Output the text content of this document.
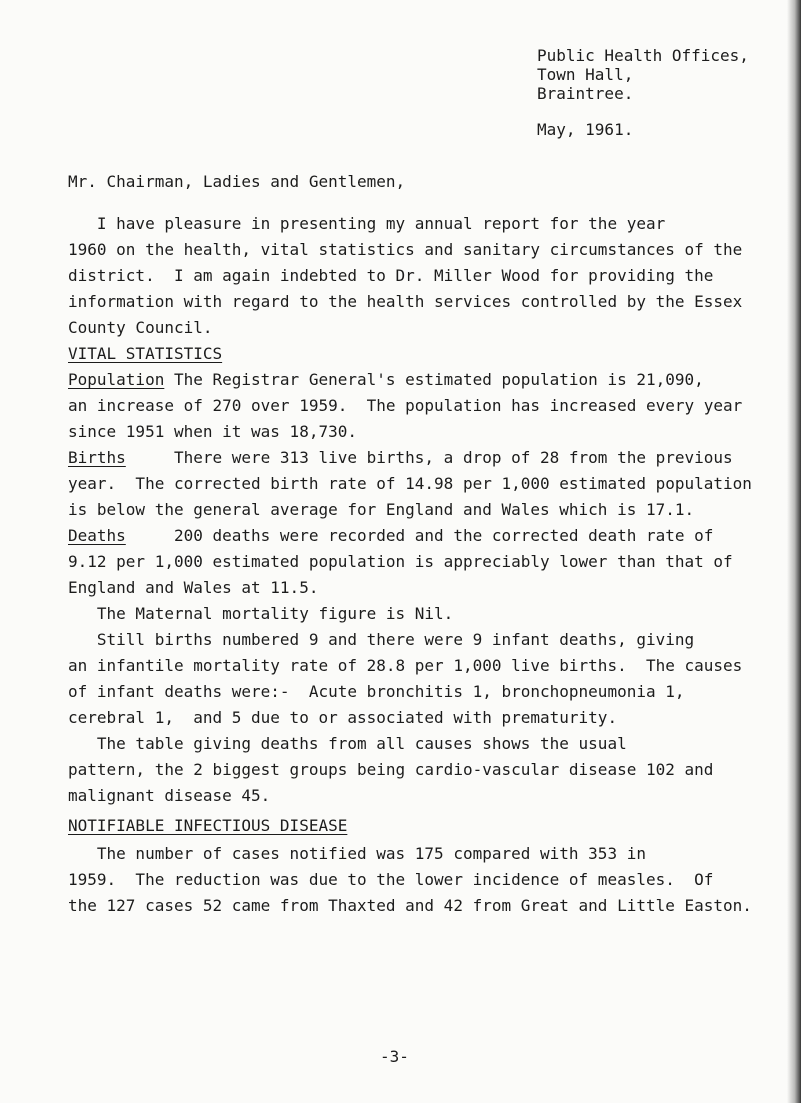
Public Health Offices,
Town Hall,
Braintree.
May, 1961.

Mr. Chairman, Ladies and Gentlemen,

I have pleasure in presenting my annual report for the year

1960 on the health, vital statistics and sanitary circumstances of the

district.  I am again indebted to Dr. Miller Wood for providing the

information with regard to the health services controlled by the Essex

County Council.

VITAL STATISTICS

Population The Registrar General's estimated population is 21,090,

an increase of 270 over 1959.  The population has increased every year

since 1951 when it was 18,730.

Births     There were 313 live births, a drop of 28 from the previous

year.  The corrected birth rate of 14.98 per 1,000 estimated population

is below the general average for England and Wales which is 17.1.

Deaths     200 deaths were recorded and the corrected death rate of

9.12 per 1,000 estimated population is appreciably lower than that of

England and Wales at 11.5.

The Maternal mortality figure is Nil.

Still births numbered 9 and there were 9 infant deaths, giving

an infantile mortality rate of 28.8 per 1,000 live births.  The causes

of infant deaths were:-  Acute bronchitis 1, bronchopneumonia 1,

cerebral 1,  and 5 due to or associated with prematurity.

The table giving deaths from all causes shows the usual

pattern, the 2 biggest groups being cardio-vascular disease 102 and

malignant disease 45.

NOTIFIABLE INFECTIOUS DISEASE

The number of cases notified was 175 compared with 353 in

1959.  The reduction was due to the lower incidence of measles.  Of

the 127 cases 52 came from Thaxted and 42 from Great and Little Easton.

-3-
